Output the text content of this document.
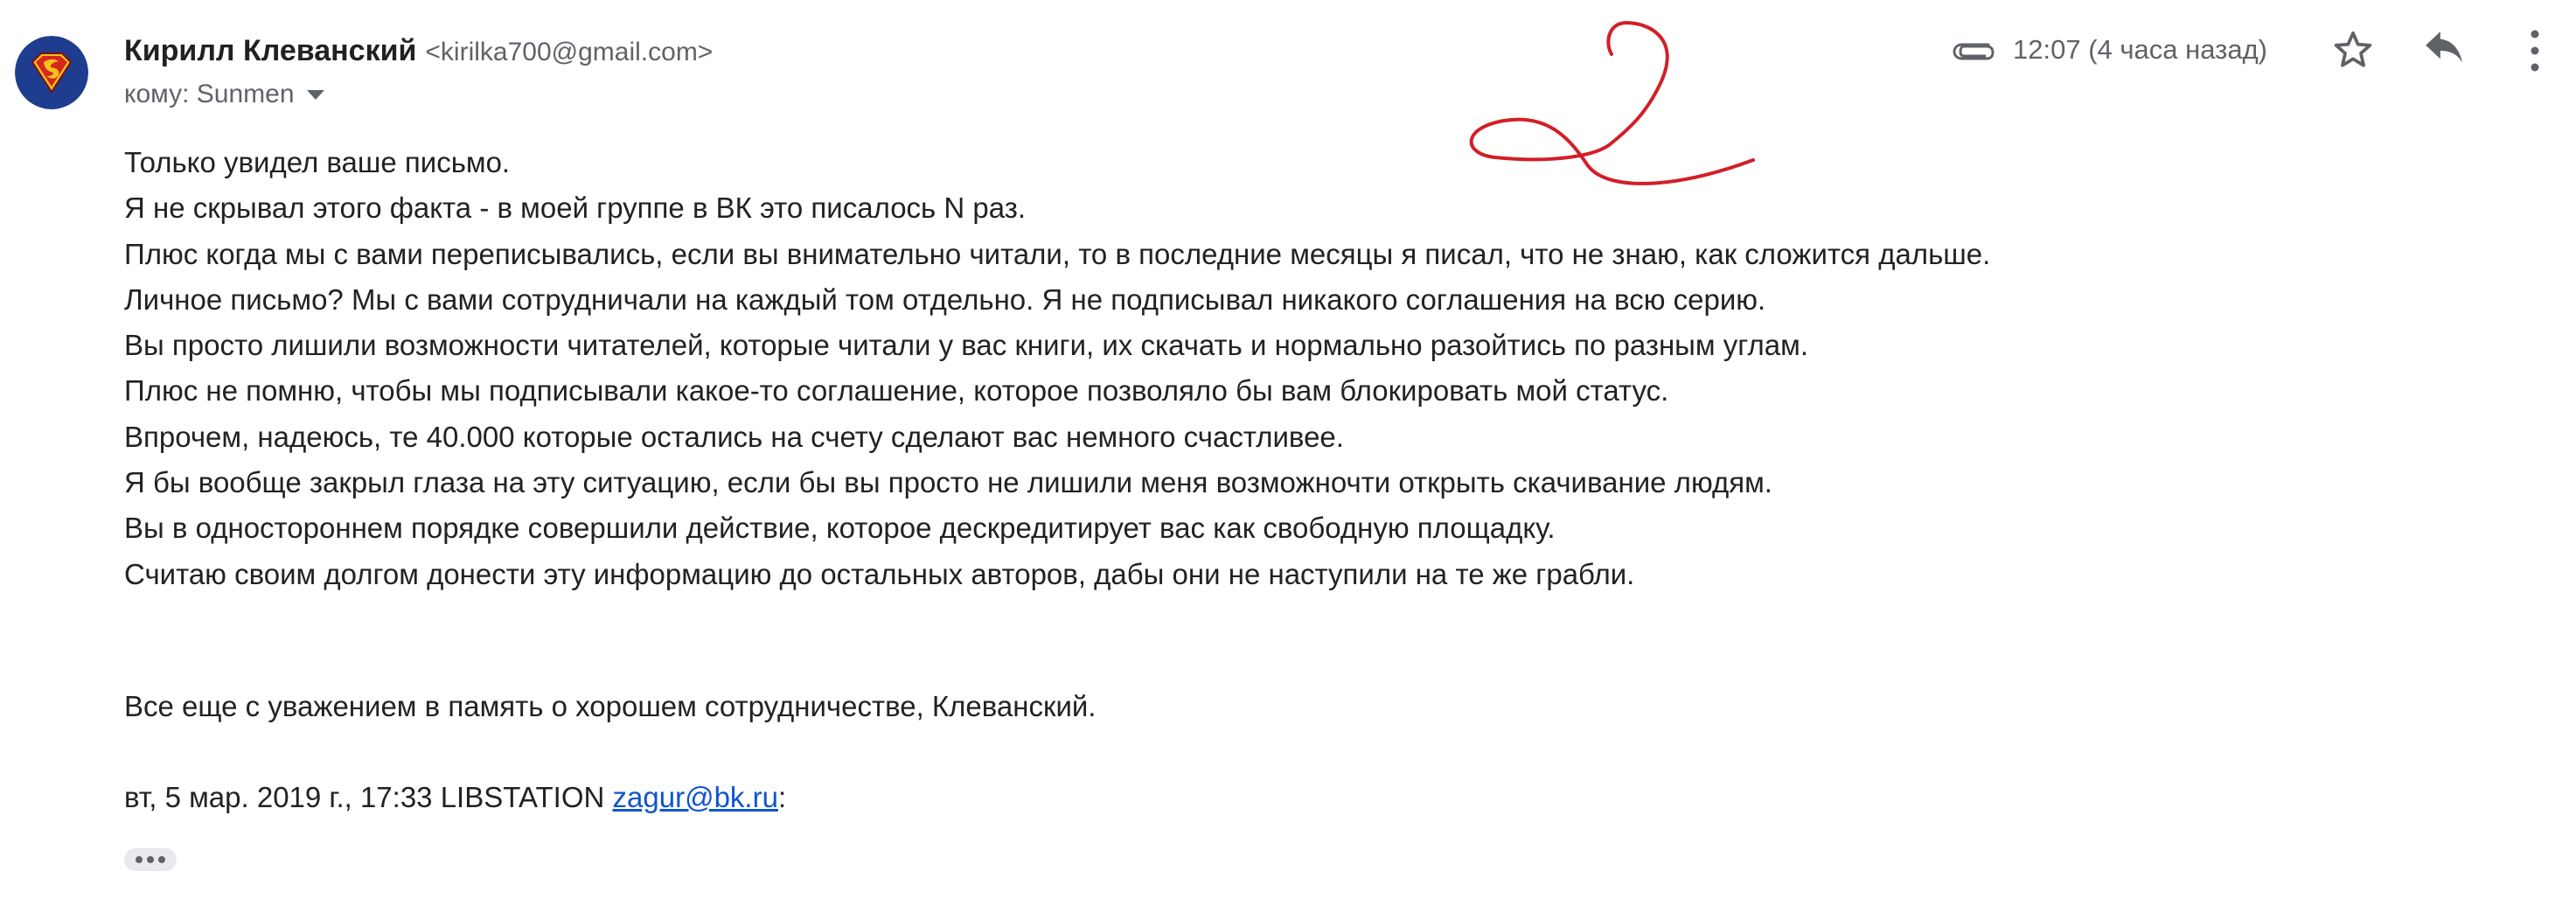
Кирилл Клеванский <kirilka700@gmail.com>
кому: Sunmen
12:07 (4 часа назад)

Только увидел ваше письмо.

Я не скрывал этого факта - в моей группе в ВК это писалось N раз.

Плюс когда мы с вами переписывались, если вы внимательно читали, то в последние месяцы я писал, что не знаю, как сложится дальше.

Личное письмо? Мы с вами сотрудничали на каждый том отдельно. Я не подписывал никакого соглашения на всю серию.

Вы просто лишили возможности читателей, которые читали у вас книги, их скачать и нормально разойтись по разным углам.

Плюс не помню, чтобы мы подписывали какое-то соглашение, которое позволяло бы вам блокировать мой статус.

Впрочем, надеюсь, те 40.000 которые остались на счету сделают вас немного счастливее.

Я бы вообще закрыл глаза на эту ситуацию, если бы вы просто не лишили меня возможночти открыть скачивание людям.

Вы в одностороннем порядке совершили действие, которое дескредитирует вас как свободную площадку.

Считаю своим долгом донести эту информацию до остальных авторов, дабы они не наступили на те же грабли.

Все еще с уважением в память о хорошем сотрудничестве, Клеванский.
вт, 5 мар. 2019 г., 17:33 LIBSTATION zagur@bk.ru:
